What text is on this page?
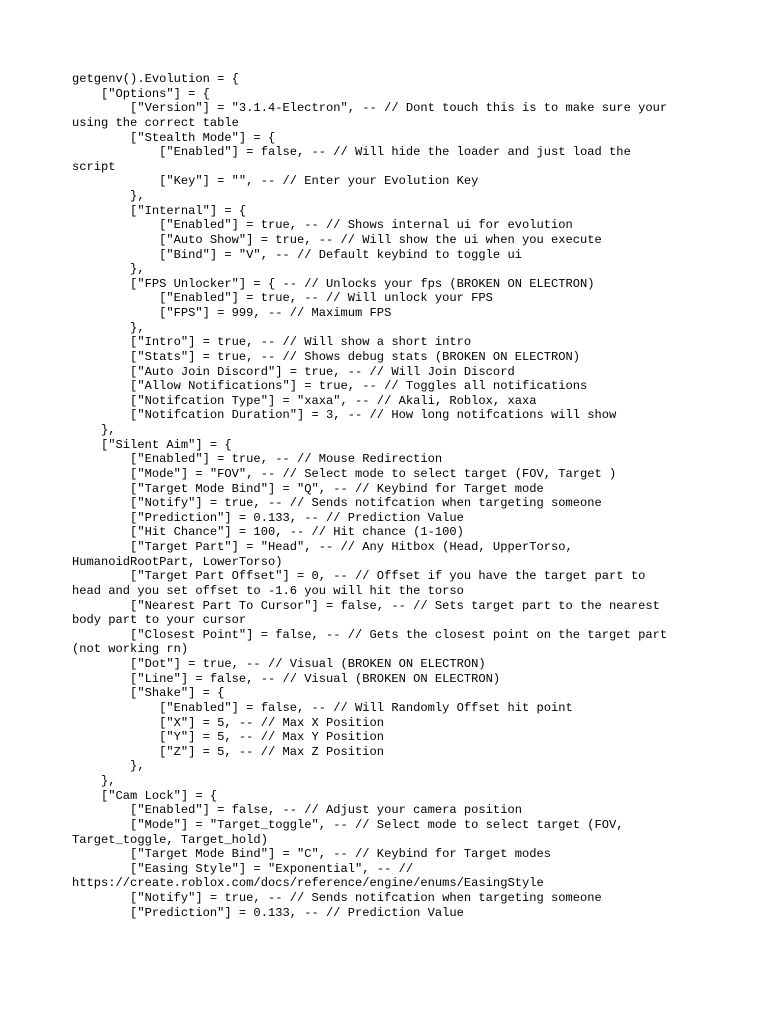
getgenv().Evolution = {
["Options"] = {
["Version"] = "3.1.4-Electron", -- // Dont touch this is to make sure your
using the correct table
["Stealth Mode"] = {
["Enabled"] = false, -- // Will hide the loader and just load the
script
["Key"] = "", -- // Enter your Evolution Key
},
["Internal"] = {
["Enabled"] = true, -- // Shows internal ui for evolution
["Auto Show"] = true, -- // Will show the ui when you execute
["Bind"] = "V", -- // Default keybind to toggle ui
},
["FPS Unlocker"] = { -- // Unlocks your fps (BROKEN ON ELECTRON)
["Enabled"] = true, -- // Will unlock your FPS
["FPS"] = 999, -- // Maximum FPS
},
["Intro"] = true, -- // Will show a short intro
["Stats"] = true, -- // Shows debug stats (BROKEN ON ELECTRON)
["Auto Join Discord"] = true, -- // Will Join Discord
["Allow Notifications"] = true, -- // Toggles all notifications
["Notifcation Type"] = "xaxa", -- // Akali, Roblox, xaxa
["Notifcation Duration"] = 3, -- // How long notifcations will show
},
["Silent Aim"] = {
["Enabled"] = true, -- // Mouse Redirection
["Mode"] = "FOV", -- // Select mode to select target (FOV, Target )
["Target Mode Bind"] = "Q", -- // Keybind for Target mode
["Notify"] = true, -- // Sends notifcation when targeting someone
["Prediction"] = 0.133, -- // Prediction Value
["Hit Chance"] = 100, -- // Hit chance (1-100)
["Target Part"] = "Head", -- // Any Hitbox (Head, UpperTorso,
HumanoidRootPart, LowerTorso)
["Target Part Offset"] = 0, -- // Offset if you have the target part to
head and you set offset to -1.6 you will hit the torso
["Nearest Part To Cursor"] = false, -- // Sets target part to the nearest
body part to your cursor
["Closest Point"] = false, -- // Gets the closest point on the target part
(not working rn)
["Dot"] = true, -- // Visual (BROKEN ON ELECTRON)
["Line"] = false, -- // Visual (BROKEN ON ELECTRON)
["Shake"] = {
["Enabled"] = false, -- // Will Randomly Offset hit point
["X"] = 5, -- // Max X Position
["Y"] = 5, -- // Max Y Position
["Z"] = 5, -- // Max Z Position
},
},
["Cam Lock"] = {
["Enabled"] = false, -- // Adjust your camera position
["Mode"] = "Target_toggle", -- // Select mode to select target (FOV,
Target_toggle, Target_hold)
["Target Mode Bind"] = "C", -- // Keybind for Target modes
["Easing Style"] = "Exponential", -- //
https://create.roblox.com/docs/reference/engine/enums/EasingStyle
["Notify"] = true, -- // Sends notifcation when targeting someone
["Prediction"] = 0.133, -- // Prediction Value
